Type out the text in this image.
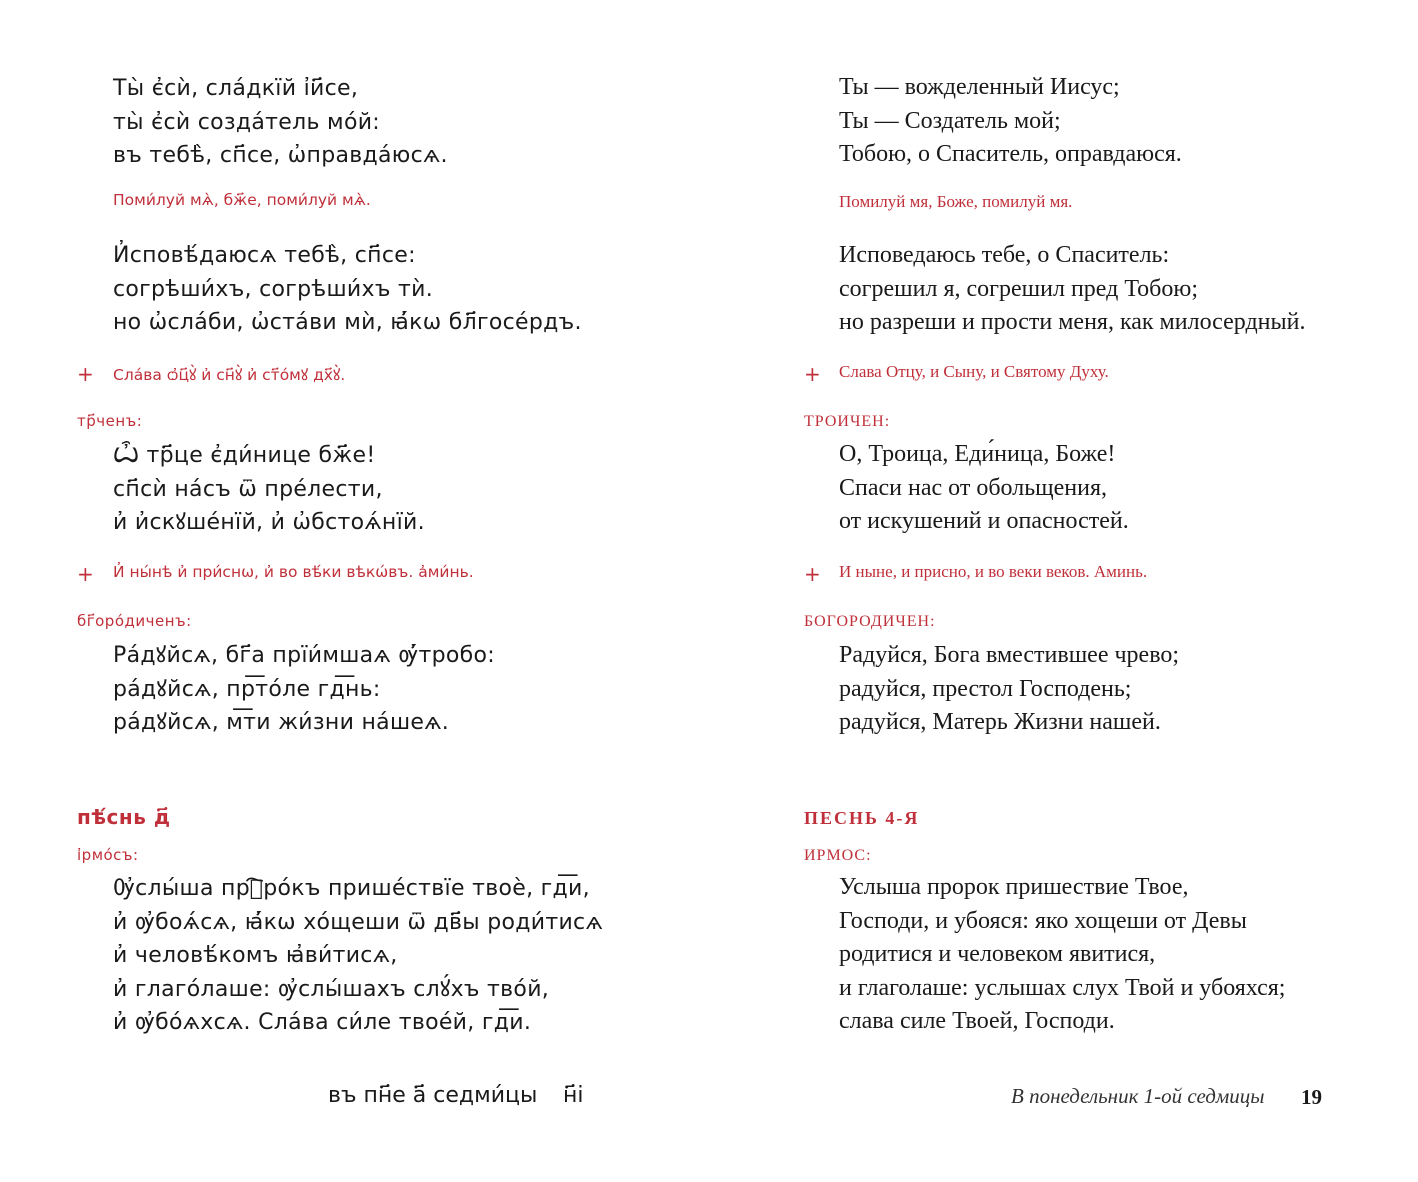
Ты̀ є҆сѝ, сла́дкїй і҆и҃се,
ты̀ є҆сѝ созда́тель мо́й:
въ тебѣ̀, сп҃се, ѡ҆правда́юсѧ.
Поми́луй мѧ̀, бж҃е, поми́луй мѧ̀.
И҆сповѣ́даюсѧ тебѣ̀, сп҃се:
согрѣши́хъ, согрѣши́хъ тѝ.
но ѡ҆сла́би, ѡ҆ста́ви мѝ, ꙗ҆́кѡ бл҃госе́рдъ.
+ Сла́ва ѻ҆ц҃ꙋ̀ и҆ сн҃ꙋ̀ и҆ ст҃о́мꙋ дх҃ꙋ̀.
тр҃ченъ:
Ѽ тр҃це є҆ди́нице бж҃е!
сп҃сѝ на́съ ѿ пре́лести,
и҆ и҆скꙋше́нїй, и҆ ѡ҆бстоѧ́нїй.
+ И҆ ны́нѣ и҆ при́снѡ, и҆ во вѣ́ки вѣкѡ́въ. а҆ми́нь.
бг҃оро́диченъ:
Ра́дꙋйсѧ, бг҃а прїи́мшаѧ ѹ҆́тробо:
ра́дꙋйсѧ, пр͞то́ле гд͞нь:
ра́дꙋйсѧ, м͞ти жи́зни на́шеѧ.
пѣ́снь д҃
і҆рмо́съ:
Ѹ҆слы́ша прⷪ҇ро́къ прише́ствїе твоѐ, гд͞и,
и҆ ѹ҆боѧ́сѧ, ꙗ҆́кѡ хо́щеши ѿ дв҃ы роди́тисѧ
и҆ человѣ́комъ ꙗ҆ви́тисѧ,
и҆ глаго́лаше: ѹ҆слы́шахъ слꙋ́хъ тво́й,
и҆ ѹ҆бо́ѧхсѧ. Сла́ва си́ле твое́й, гд͞и.
въ пн҃е а҃ седми́цы н҃і
Ты — вожделенный Иисус;
Ты — Создатель мой;
Тобою, о Спаситель, оправдаюся.
Помилуй мя, Боже, помилуй мя.
Исповедаюсь тебе, о Спаситель:
согрешил я, согрешил пред Тобою;
но разреши и прости меня, как милосердный.
+ Слава Отцу, и Сыну, и Святому Духу.
ТРОИЧЕН:
О, Троица, Еди́ница, Боже!
Спаси нас от обольщения,
от искушений и опасностей.
+ И ныне, и присно, и во веки веков. Аминь.
БОГОРОДИЧЕН:
Радуйся, Бога вместившее чрево;
радуйся, престол Господень;
радуйся, Матерь Жизни нашей.
ПЕСНЬ 4-Я
ИРМОС:
Услыша пророк пришествие Твое,
Господи, и убояся: яко хощеши от Девы
родитися и человеком явитися,
и глаголаше: услышах слух Твой и убояхся;
слава силе Твоей, Господи.
В понедельник 1-ой седмицы 19
